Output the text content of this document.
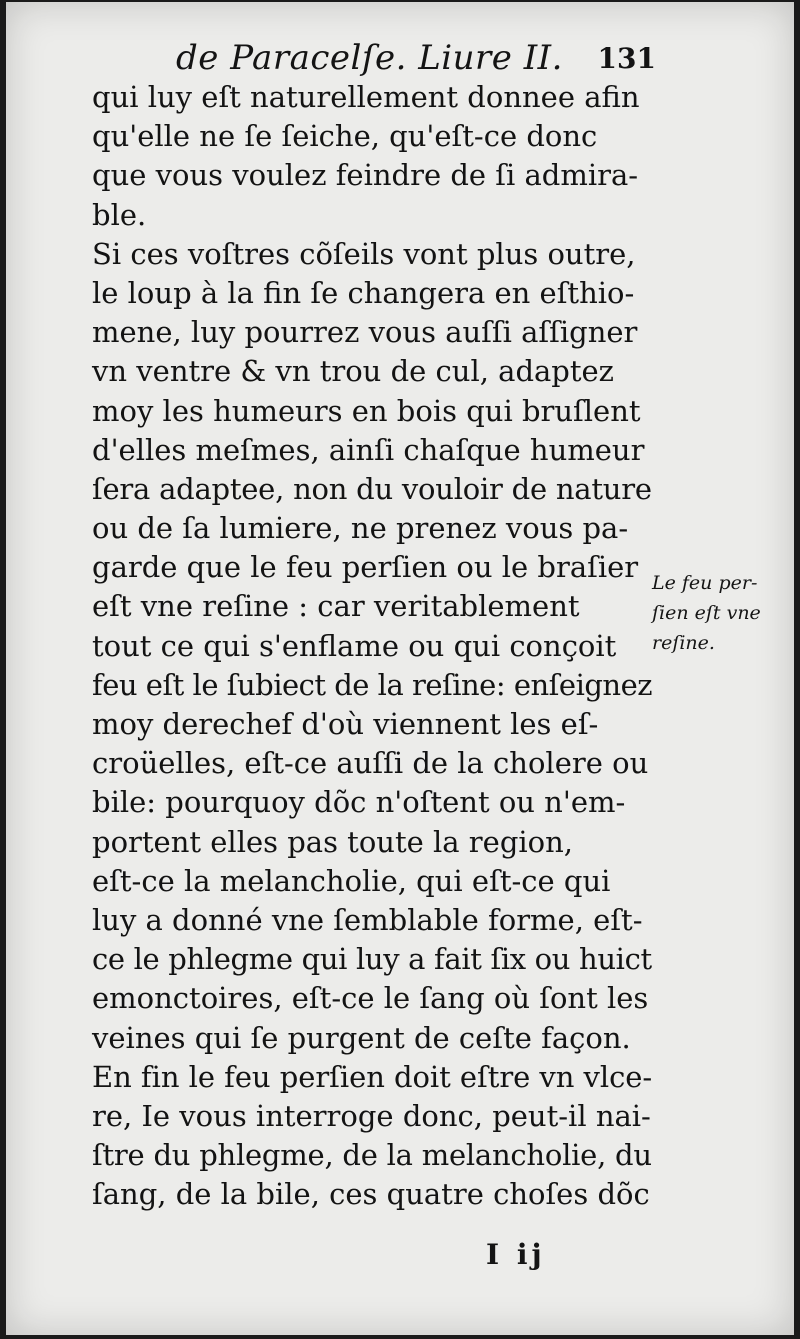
de Paracelſe. Liure II. 131
qui luy eſt naturellement donnee afin
qu'elle ne ſe ſeiche, qu'eſt-ce donc
que vous voulez feindre de ſi admira-
ble.
Si ces voſtres cõſeils vont plus outre,
le loup à la fin ſe changera en eſthio-
mene, luy pourrez vous auſſi aſſigner
vn ventre & vn trou de cul, adaptez
moy les humeurs en bois qui bruſlent
d'elles meſmes, ainſi chaſque humeur
ſera adaptee, non du vouloir de nature
ou de ſa lumiere, ne prenez vous pa-
garde que le feu perſien ou le braſier
eſt vne reſine : car veritablement
tout ce qui s'enflame ou qui conçoit
feu eſt le ſubiect de la reſine: enſeignez
moy derechef d'où viennent les eſ-
croüelles, eſt-ce auſſi de la cholere ou
bile: pourquoy dõc n'oſtent ou n'em-
portent elles pas toute la region,
eſt-ce la melancholie, qui eſt-ce qui
luy a donné vne ſemblable forme, eſt-
ce le phlegme qui luy a fait ſix ou huict
emonctoires, eſt-ce le ſang où ſont les
veines qui ſe purgent de ceſte façon.
En fin le feu perſien doit eſtre vn vlce-
re, Ie vous interroge donc, peut-il nai-
ſtre du phlegme, de la melancholie, du
ſang, de la bile, ces quatre choſes dõc
Le feu per-
ſien eſt vne
reſine.
I ij
